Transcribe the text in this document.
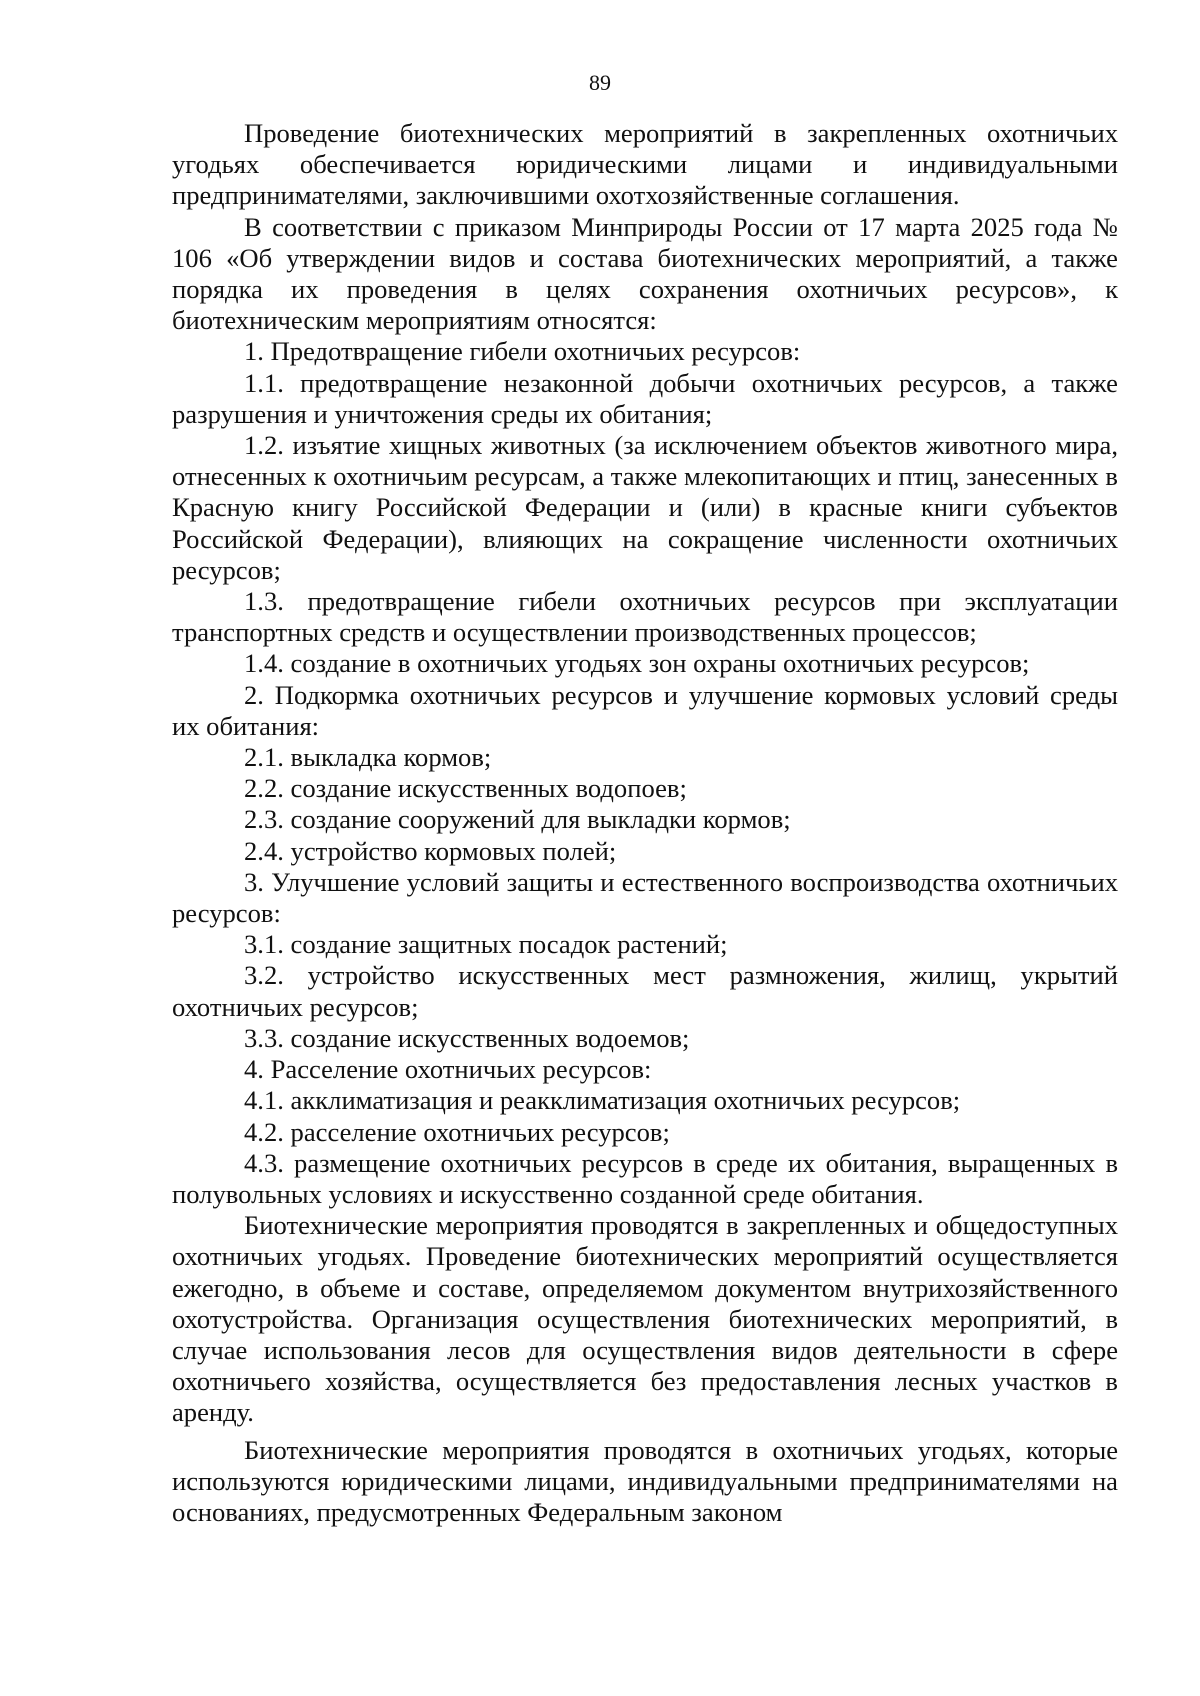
89

Проведение биотехнических мероприятий в закрепленных охотничьих угодьях обеспечивается юридическими лицами и индивидуальными предпринимателями, заключившими охотхозяйственные соглашения.

В соответствии с приказом Минприроды России от 17 марта 2025 года № 106 «Об утверждении видов и состава биотехнических мероприятий, а также порядка их проведения в целях сохранения охотничьих ресурсов», к биотехническим мероприятиям относятся:

1. Предотвращение гибели охотничьих ресурсов:

1.1. предотвращение незаконной добычи охотничьих ресурсов, а также разрушения и уничтожения среды их обитания;

1.2. изъятие хищных животных (за исключением объектов животного мира, отнесенных к охотничьим ресурсам, а также млекопитающих и птиц, занесенных в Красную книгу Российской Федерации и (или) в красные книги субъектов Российской Федерации), влияющих на сокращение численности охотничьих ресурсов;

1.3. предотвращение гибели охотничьих ресурсов при эксплуатации транспортных средств и осуществлении производственных процессов;

1.4. создание в охотничьих угодьях зон охраны охотничьих ресурсов;

2. Подкормка охотничьих ресурсов и улучшение кормовых условий среды их обитания:

2.1. выкладка кормов;

2.2. создание искусственных водопоев;

2.3. создание сооружений для выкладки кормов;

2.4. устройство кормовых полей;

3. Улучшение условий защиты и естественного воспроизводства охотничьих ресурсов:

3.1. создание защитных посадок растений;

3.2. устройство искусственных мест размножения, жилищ, укрытий охотничьих ресурсов;

3.3. создание искусственных водоемов;

4. Расселение охотничьих ресурсов:

4.1. акклиматизация и реакклиматизация охотничьих ресурсов;

4.2. расселение охотничьих ресурсов;

4.3. размещение охотничьих ресурсов в среде их обитания, выращенных в полувольных условиях и искусственно созданной среде обитания.

Биотехнические мероприятия проводятся в закрепленных и общедоступных охотничьих угодьях. Проведение биотехнических мероприятий осуществляется ежегодно, в объеме и составе, определяемом документом внутрихозяйственного охотустройства. Организация осуществления биотехнических мероприятий, в случае использования лесов для осуществления видов деятельности в сфере охотничьего хозяйства, осуществляется без предоставления лесных участков в аренду.

Биотехнические мероприятия проводятся в охотничьих угодьях, которые используются юридическими лицами, индивидуальными предпринимателями на основаниях, предусмотренных Федеральным законом
